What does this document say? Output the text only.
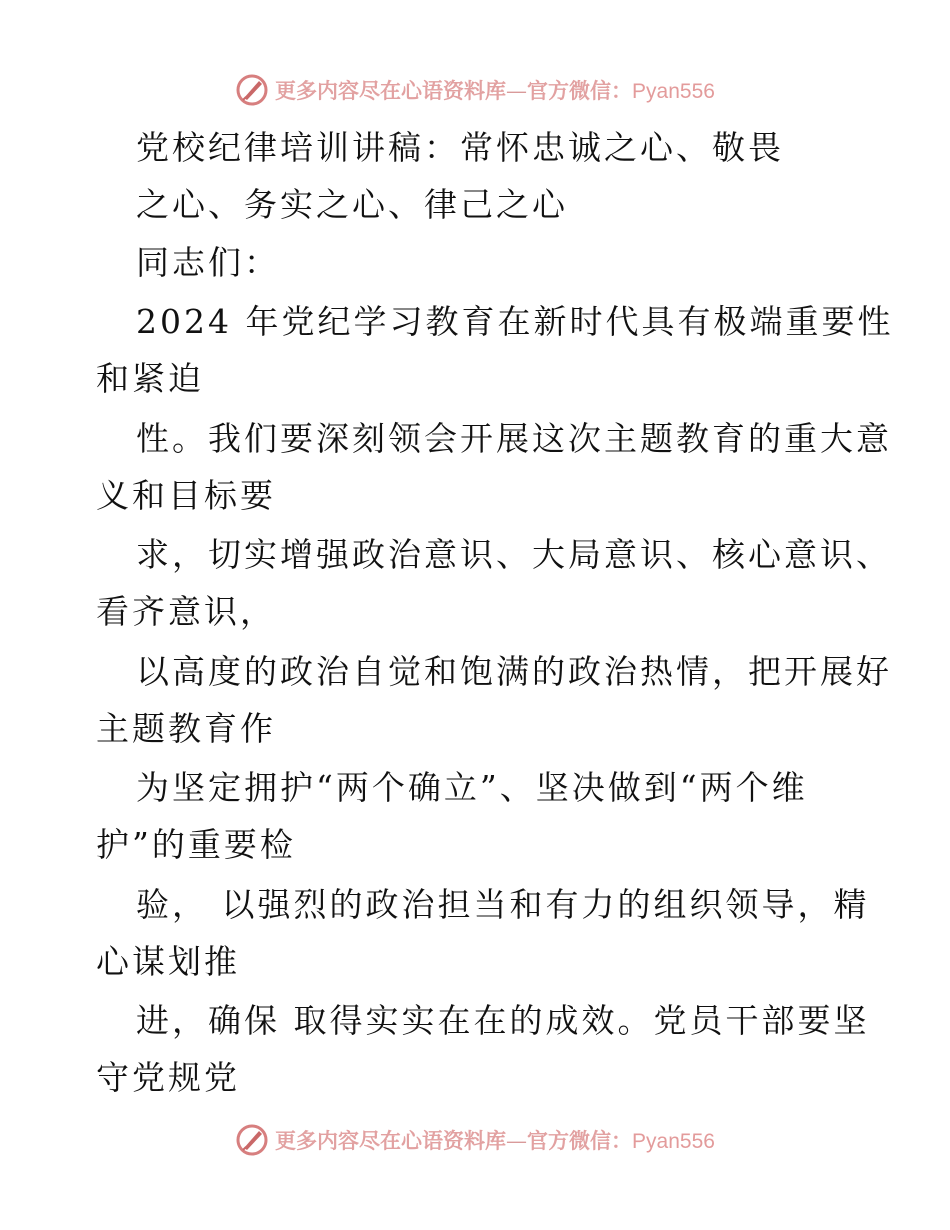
更多内容尽在心语资料库—官方微信：Pyan556
党校纪律培训讲稿：常怀忠诚之心、敬畏
之心、务实之心、律己之心
同志们：
2024 年党纪学习教育在新时代具有极端重要性
和紧迫
性。我们要深刻领会开展这次主题教育的重大意
义和目标要
求，切实增强政治意识、大局意识、核心意识、
看齐意识，
以高度的政治自觉和饱满的政治热情，把开展好
主题教育作
为坚定拥护“两个确立”、坚决做到“两个维
护”的重要检
验， 以强烈的政治担当和有力的组织领导，精
心谋划推
进，确保 取得实实在在的成效。党员干部要坚
守党规党
更多内容尽在心语资料库—官方微信：Pyan556
